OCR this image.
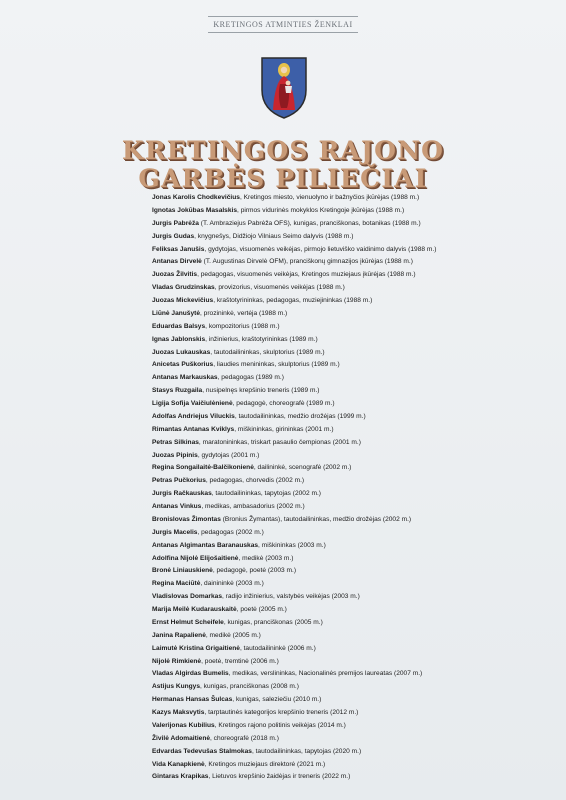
KRETINGOS ATMINTIES ŽENKLAI
KRETINGOS RAJONO
GARBĖS PILIEČIAI
Jonas Karolis Chodkevičius, Kretingos miesto, vienuolyno ir bažnyčios įkūrėjas (1988 m.)
Ignotas Jokūbas Masalskis, pirmos vidurinės mokyklos Kretingoje įkūrėjas (1988 m.)
Jurgis Pabrėža (T. Ambraziejus Pabrėža OFS), kunigas, pranciškonas, botanikas (1988 m.)
Jurgis Gudas, knygnešys, Didžiojo Vilniaus Seimo dalyvis (1988 m.)
Feliksas Janušis, gydytojas, visuomenės veikėjas, pirmojo lietuviško vaidinimo dalyvis (1988 m.)
Antanas Dirvelė (T. Augustinas Dirvelė OFM), pranciškonų gimnazijos įkūrėjas (1988 m.)
Juozas Žilvitis, pedagogas, visuomenės veikėjas, Kretingos muziejaus įkūrėjas (1988 m.)
Vladas Grudzinskas, provizorius, visuomenės veikėjas (1988 m.)
Juozas Mickevičius, kraštotyrininkas, pedagogas, muziejininkas (1988 m.)
Liūnė Janušytė, prozininkė, vertėja (1988 m.)
Eduardas Balsys, kompozitorius (1988 m.)
Ignas Jablonskis, inžinierius, kraštotyrininkas (1989 m.)
Juozas Lukauskas, tautodailininkas, skulptorius (1989 m.)
Anicetas Puškorius, liaudies menininkas, skulptorius (1989 m.)
Antanas Markauskas, pedagogas (1989 m.)
Stasys Ruzgaila, nusipelnęs krepšinio treneris (1989 m.)
Ligija Sofija Vaičiulėnienė, pedagogė, choreografė (1989 m.)
Adolfas Andriejus Viluckis, tautodailininkas, medžio drožėjas (1999 m.)
Rimantas Antanas Kviklys, miškininkas, girininkas (2001 m.)
Petras Silkinas, maratonininkas, triskart pasaulio čempionas (2001 m.)
Juozas Pipinis, gydytojas (2001 m.)
Regina Songailaitė-Balčikonienė, dailininkė, scenografė (2002 m.)
Petras Pučkorius, pedagogas, chorvedis (2002 m.)
Jurgis Račkauskas, tautodailininkas, tapytojas (2002 m.)
Antanas Vinkus, medikas, ambasadorius (2002 m.)
Bronislovas Žimontas (Bronius Žymantas), tautodailininkas, medžio drožėjas (2002 m.)
Jurgis Macelis, pedagogas (2002 m.)
Antanas Algimantas Baranauskas, miškininkas (2003 m.)
Adolfina Nijolė Elijošaitienė, medikė (2003 m.)
Bronė Liniauskienė, pedagogė, poetė (2003 m.)
Regina Maciūtė, dainininkė (2003 m.)
Vladislovas Domarkas, radijo inžinierius, valstybės veikėjas (2003 m.)
Marija Meilė Kudarauskaitė, poetė (2005 m.)
Ernst Helmut Scheifele, kunigas, pranciškonas (2005 m.)
Janina Rapalienė, medikė (2005 m.)
Laimutė Kristina Grigaitienė, tautodailininkė (2006 m.)
Nijolė Rimkienė, poetė, tremtinė (2006 m.)
Vladas Algirdas Bumelis, medikas, verslininkas, Nacionalinės premijos laureatas (2007 m.)
Astijus Kungys, kunigas, pranciškonas (2008 m.)
Hermanas Hansas Šulcas, kunigas, saleziečiu (2010 m.)
Kazys Maksvytis, tarptautinės kategorijos krepšinio treneris (2012 m.)
Valerijonas Kubilius, Kretingos rajono politinis veikėjas (2014 m.)
Živilė Adomaitienė, choreografė (2018 m.)
Edvardas Tedevušas Stalmokas, tautodailininkas, tapytojas (2020 m.)
Vida Kanapkienė, Kretingos muziejaus direktorė (2021 m.)
Gintaras Krapikas, Lietuvos krepšinio žaidėjas ir treneris (2022 m.)
